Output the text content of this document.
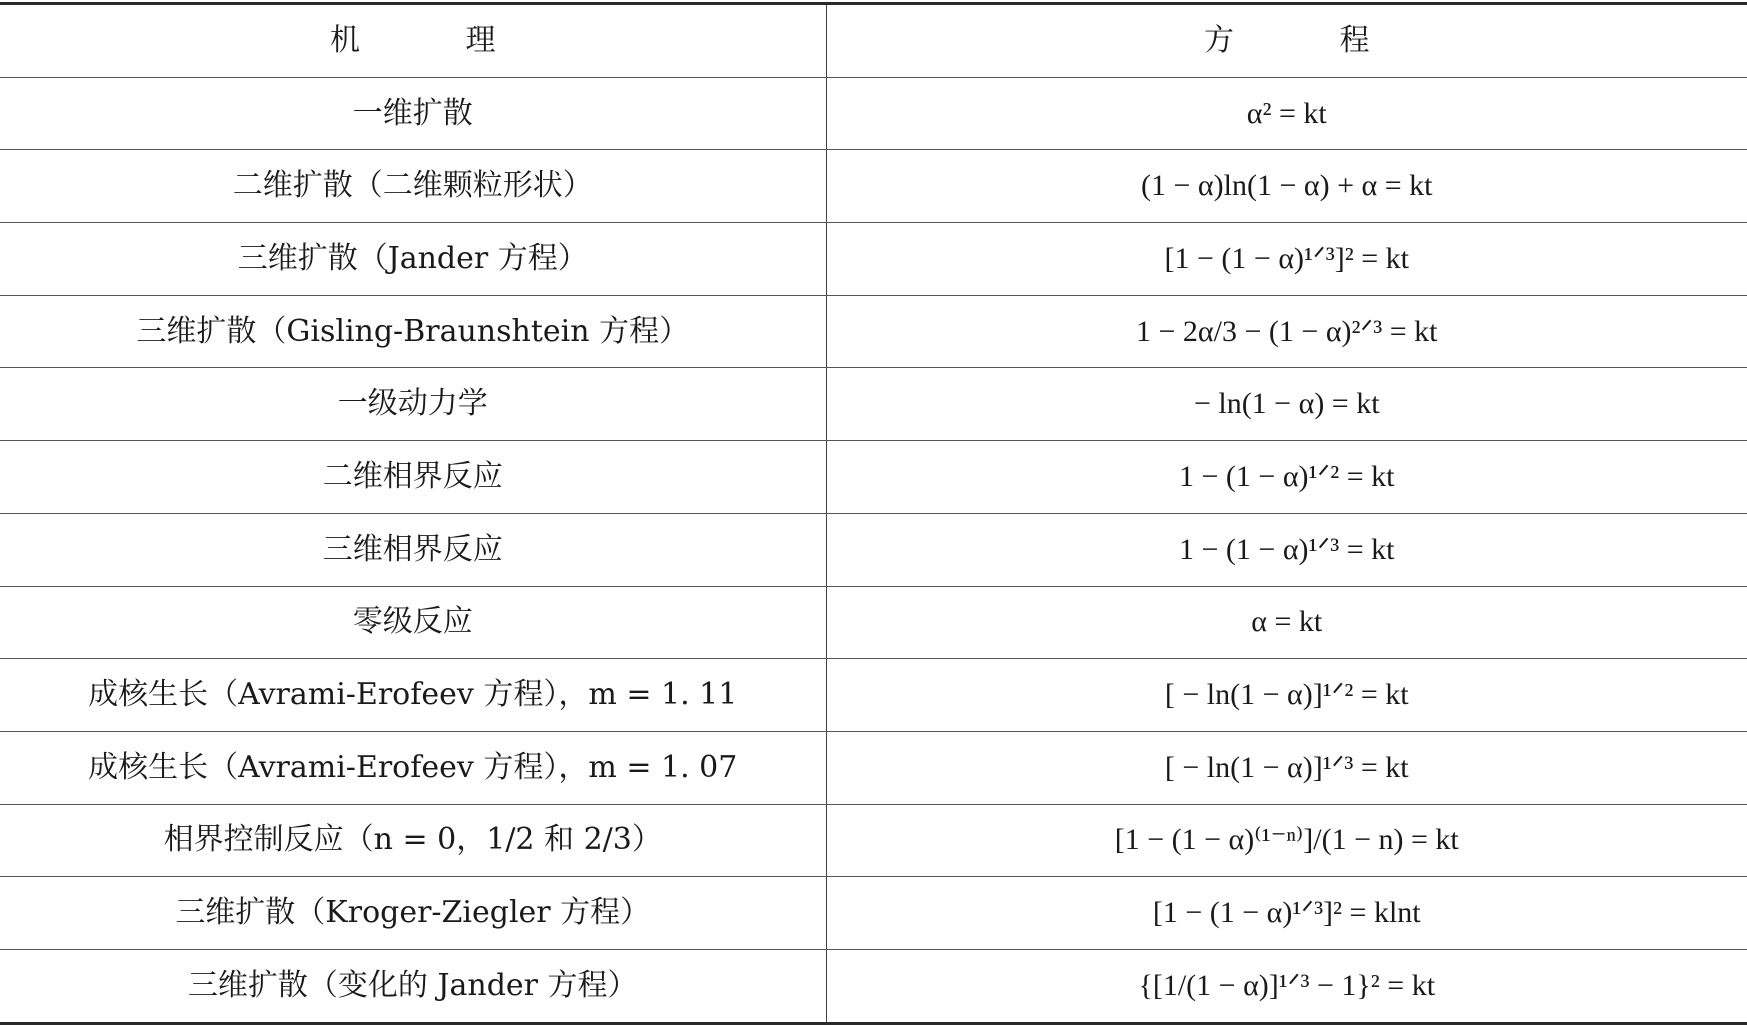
机 理	方 程
一维扩散	α² = kt
二维扩散（二维颗粒形状）	(1 − α)ln(1 − α) + α = kt
三维扩散（Jander 方程）	[1 − (1 − α)¹ᐟ³]² = kt
三维扩散（Gisling-Braunshtein 方程）	1 − 2α/3 − (1 − α)²ᐟ³ = kt
一级动力学	− ln(1 − α) = kt
二维相界反应	1 − (1 − α)¹ᐟ² = kt
三维相界反应	1 − (1 − α)¹ᐟ³ = kt
零级反应	α = kt
成核生长（Avrami-Erofeev 方程），m = 1. 11	[ − ln(1 − α)]¹ᐟ² = kt
成核生长（Avrami-Erofeev 方程），m = 1. 07	[ − ln(1 − α)]¹ᐟ³ = kt
相界控制反应（n = 0，1/2 和 2/3）	[1 − (1 − α)⁽¹⁻ⁿ⁾]/(1 − n) = kt
三维扩散（Kroger-Ziegler 方程）	[1 − (1 − α)¹ᐟ³]² = klnt
三维扩散（变化的 Jander 方程）	{[1/(1 − α)]¹ᐟ³ − 1}² = kt
